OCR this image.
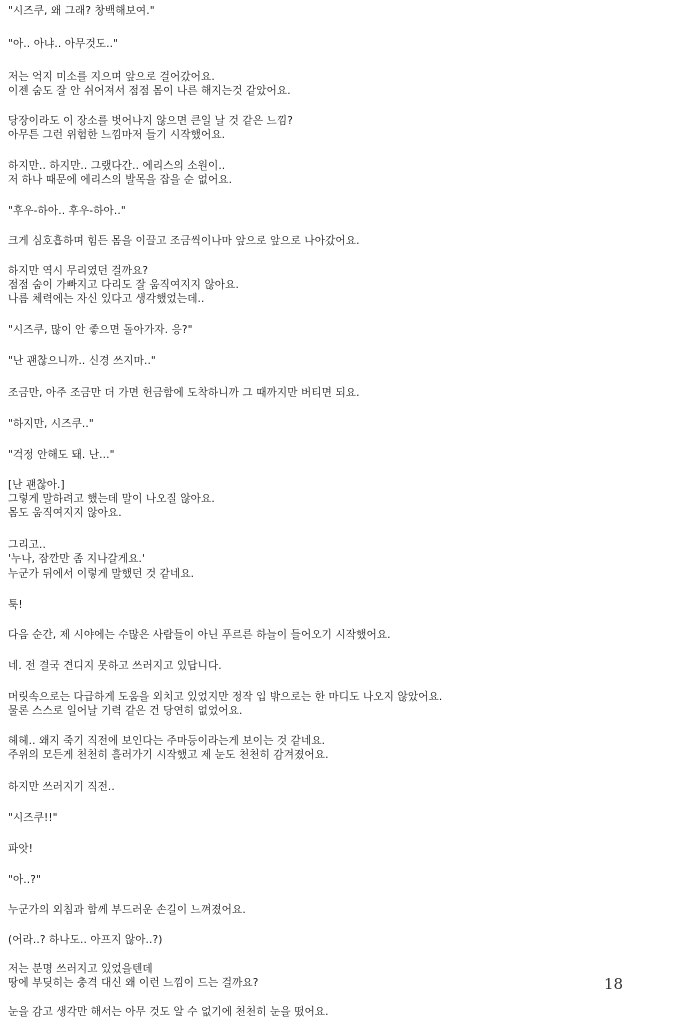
"시즈쿠, 왜 그래? 창백해보여."
"아.. 아냐.. 아무것도.."
저는 억지 미소를 지으며 앞으로 걸어갔어요.
이젠 숨도 잘 안 쉬어져서 점점 몸이 나른 해지는것 같았어요.
당장이라도 이 장소를 벗어나지 않으면 큰일 날 것 같은 느낌?
아무튼 그런 위험한 느낌마저 들기 시작했어요.
하지만.. 하지만.. 그랬다간.. 에리스의 소원이..
저 하나 때문에 에리스의 발목을 잡을 순 없어요.
"후우-하아.. 후우-하아.."
크게 심호흡하며 힘든 몸을 이끌고 조금씩이나마 앞으로 앞으로 나아갔어요.
하지만 역시 무리였던 걸까요?
점점 숨이 가빠지고 다리도 잘 움직여지지 않아요.
나름 체력에는 자신 있다고 생각했었는데..
"시즈쿠, 많이 안 좋으면 돌아가자. 응?"
"난 괜찮으니까.. 신경 쓰지마.."
조금만, 아주 조금만 더 가면 헌금함에 도착하니까 그 때까지만 버티면 되요.
"하지만, 시즈쿠.."
"걱정 안해도 돼. 난..."
[난 괜찮아.]
그렇게 말하려고 했는데 말이 나오질 않아요.
몸도 움직여지지 않아요.
그리고..
'누나, 잠깐만 좀 지나갈게요.'
누군가 뒤에서 이렇게 말했던 것 같네요.
툭!
다음 순간, 제 시야에는 수많은 사람들이 아닌 푸르른 하늘이 들어오기 시작했어요.
네. 전 결국 견디지 못하고 쓰러지고 있답니다.
머릿속으로는 다급하게 도움을 외치고 있었지만 정작 입 밖으로는 한 마디도 나오지 않았어요.
물론 스스로 일어날 기력 같은 건 당연히 없었어요.
헤헤.. 왜지 죽기 직전에 보인다는 주마등이라는게 보이는 것 같네요.
주위의 모든게 천천히 흘러가기 시작했고 제 눈도 천천히 감겨졌어요.
하지만 쓰러지기 직전..
"시즈쿠!!"
파앗!
"아..?"
누군가의 외침과 함께 부드러운 손길이 느껴졌어요.
(어라..? 하나도.. 아프지 않아..?)
저는 분명 쓰러지고 있었을텐데
땅에 부딪히는 충격 대신 왜 이런 느낌이 드는 걸까요?
눈을 감고 생각만 해서는 아무 것도 알 수 없기에 천천히 눈을 떴어요.
18
